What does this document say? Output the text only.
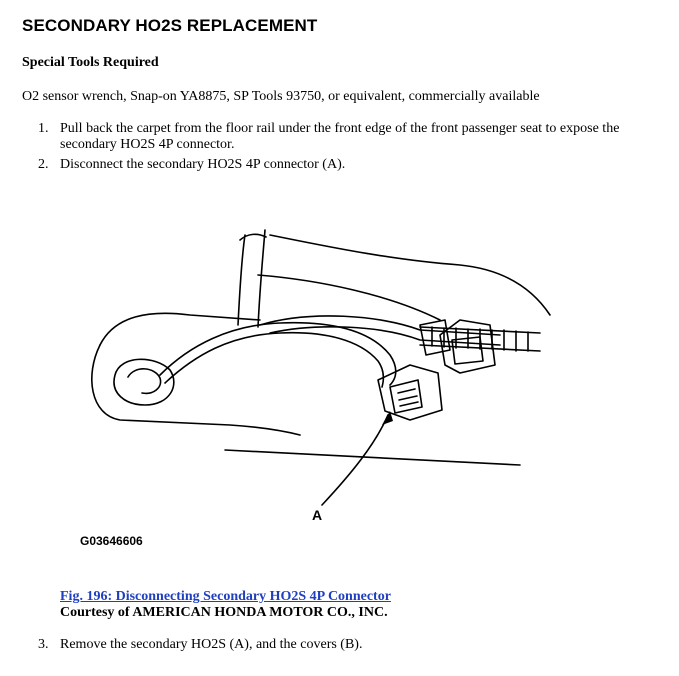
SECONDARY HO2S REPLACEMENT
Special Tools Required
O2 sensor wrench, Snap-on YA8875, SP Tools 93750, or equivalent, commercially available
1. Pull back the carpet from the floor rail under the front edge of the front passenger seat to expose the secondary HO2S 4P connector.
2. Disconnect the secondary HO2S 4P connector (A).
A
G03646606
Fig. 196: Disconnecting Secondary HO2S 4P Connector
Courtesy of AMERICAN HONDA MOTOR CO., INC.
3. Remove the secondary HO2S (A), and the covers (B).
